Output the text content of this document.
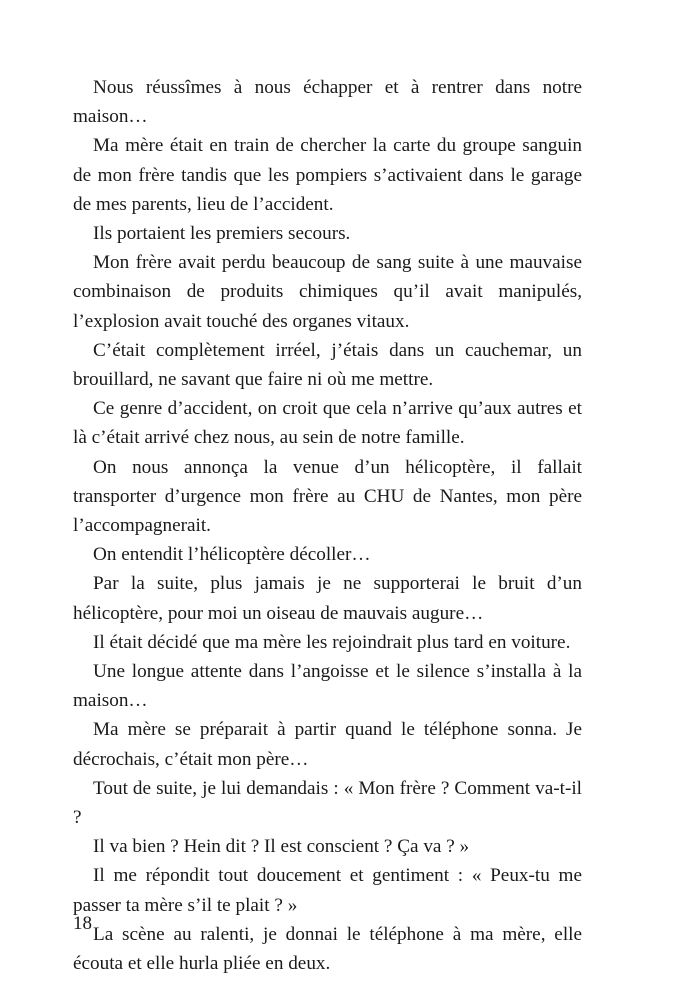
Nous réussîmes à nous échapper et à rentrer dans notre maison…

Ma mère était en train de chercher la carte du groupe sanguin de mon frère tandis que les pompiers s’activaient dans le garage de mes parents, lieu de l’accident.

Ils portaient les premiers secours.

Mon frère avait perdu beaucoup de sang suite à une mauvaise combinaison de produits chimiques qu’il avait manipulés, l’explosion avait touché des organes vitaux.

C’était complètement irréel, j’étais dans un cauchemar, un brouillard, ne savant que faire ni où me mettre.

Ce genre d’accident, on croit que cela n’arrive qu’aux autres et là c’était arrivé chez nous, au sein de notre famille.

On nous annonça la venue d’un hélicoptère, il fallait transporter d’urgence mon frère au CHU de Nantes, mon père l’accompagnerait.

On entendit l’hélicoptère décoller…

Par la suite, plus jamais je ne supporterai le bruit d’un hélicoptère, pour moi un oiseau de mauvais augure…

Il était décidé que ma mère les rejoindrait plus tard en voiture.

Une longue attente dans l’angoisse et le silence s’installa à la maison…

Ma mère se préparait à partir quand le téléphone sonna. Je décrochais, c’était mon père…

Tout de suite, je lui demandais : « Mon frère ? Comment va-t-il ?

Il va bien ? Hein dit ? Il est conscient ? Ça va ? »

Il me répondit tout doucement et gentiment : « Peux-tu me passer ta mère s’il te plait ? »

La scène au ralenti, je donnai le téléphone à ma mère, elle écouta et elle hurla pliée en deux.

18
